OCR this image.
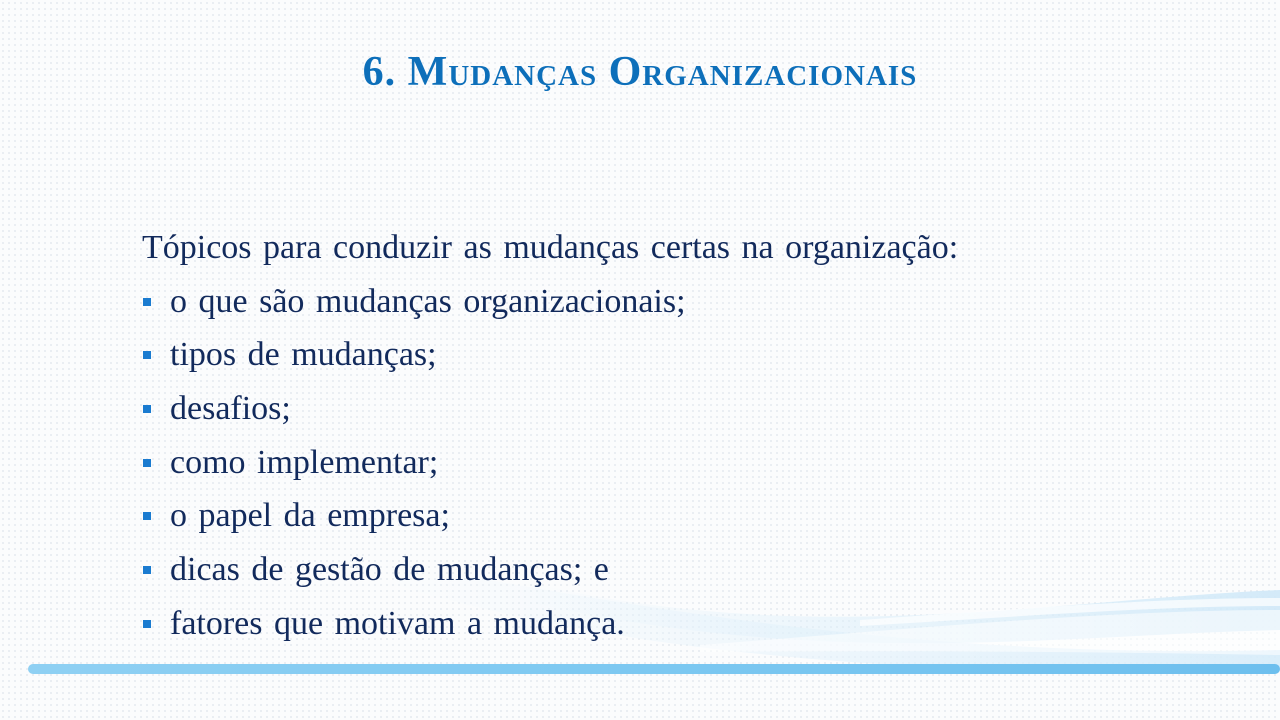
6. Mudanças Organizacionais
Tópicos para conduzir as mudanças certas na organização:
o que são mudanças organizacionais;
tipos de mudanças;
desafios;
como implementar;
o papel da empresa;
dicas de gestão de mudanças; e
fatores que motivam a mudança.
